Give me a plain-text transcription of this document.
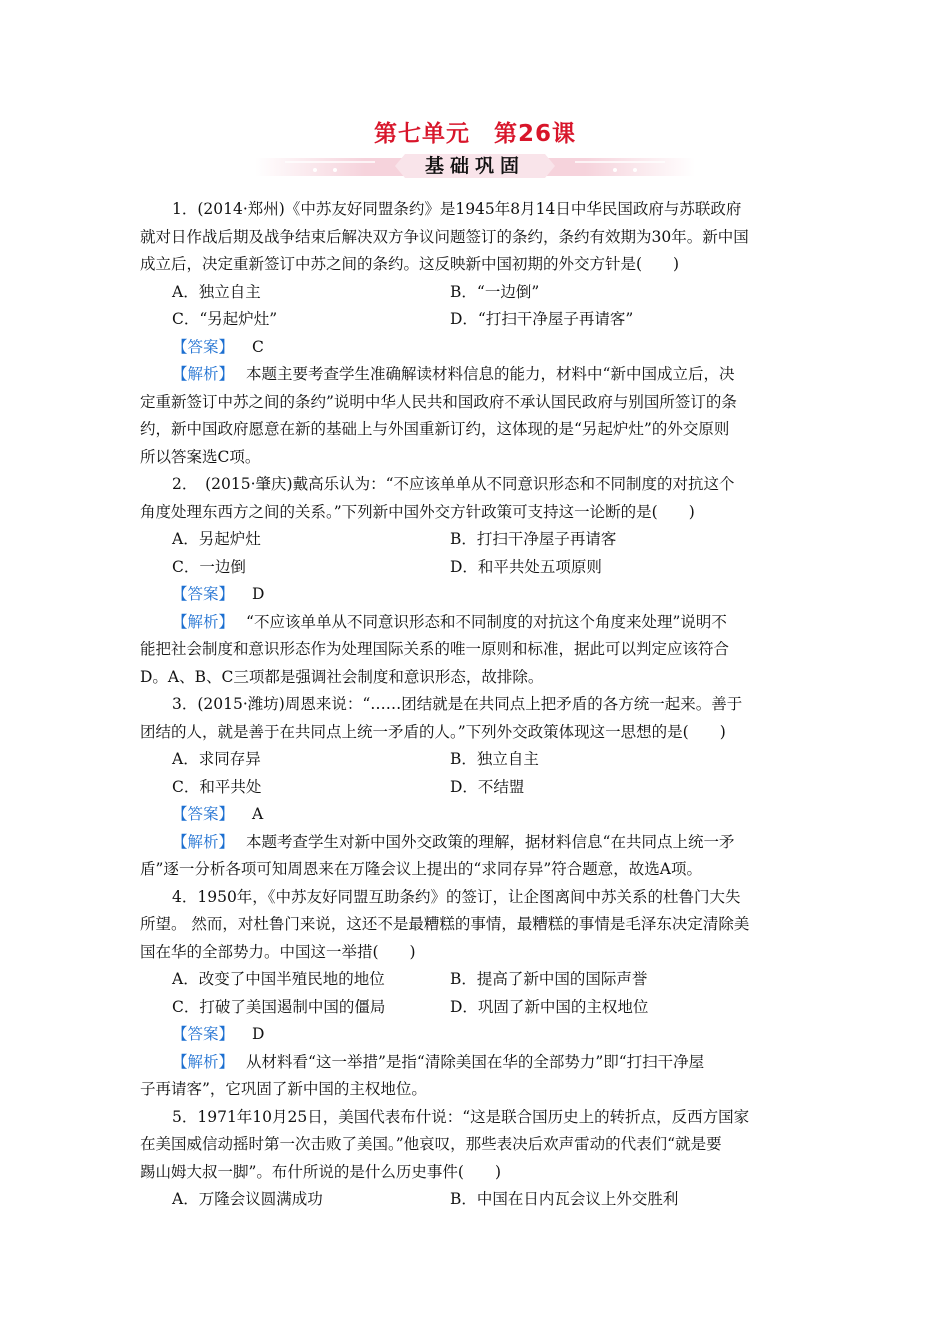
第七单元 第26课
基础巩固
1．(2014·郑州)《中苏友好同盟条约》是1945年8月14日中华民国政府与苏联政府
就对日作战后期及战争结束后解决双方争议问题签订的条约，条约有效期为30年。新中国
成立后，决定重新签订中苏之间的条约。这反映新中国初期的外交方针是(　　)
A．独立自主	B．“一边倒”
C．“另起炉灶”	D．“打扫干净屋子再请客”
【答案】 C
【解析】 本题主要考查学生准确解读材料信息的能力，材料中“新中国成立后，决
定重新签订中苏之间的条约”说明中华人民共和国政府不承认国民政府与别国所签订的条
约，新中国政府愿意在新的基础上与外国重新订约，这体现的是“另起炉灶”的外交原则
所以答案选C项。
2．　(2015·肇庆)戴高乐认为：“不应该单单从不同意识形态和不同制度的对抗这个
角度处理东西方之间的关系。”下列新中国外交方针政策可支持这一论断的是(　　)
A．另起炉灶	B．打扫干净屋子再请客
C．一边倒	D．和平共处五项原则
【答案】 D
【解析】 “不应该单单从不同意识形态和不同制度的对抗这个角度来处理”说明不
能把社会制度和意识形态作为处理国际关系的唯一原则和标准，据此可以判定应该符合
D。A、B、C三项都是强调社会制度和意识形态，故排除。
3．(2015·潍坊)周恩来说：“……团结就是在共同点上把矛盾的各方统一起来。善于
团结的人，就是善于在共同点上统一矛盾的人。”下列外交政策体现这一思想的是(　　)
A．求同存异	B．独立自主
C．和平共处	D．不结盟
【答案】 A
【解析】 本题考查学生对新中国外交政策的理解，据材料信息“在共同点上统一矛
盾”逐一分析各项可知周恩来在万隆会议上提出的“求同存异”符合题意，故选A项。
4．1950年，《中苏友好同盟互助条约》的签订，让企图离间中苏关系的杜鲁门大失
所望。 然而，对杜鲁门来说，这还不是最糟糕的事情，最糟糕的事情是毛泽东决定清除美
国在华的全部势力。中国这一举措(　　)
A．改变了中国半殖民地的地位	B．提高了新中国的国际声誉
C．打破了美国遏制中国的僵局	D．巩固了新中国的主权地位
【答案】 D
【解析】 从材料看“这一举措”是指“清除美国在华的全部势力”即“打扫干净屋
子再请客”，它巩固了新中国的主权地位。
5．1971年10月25日，美国代表布什说：“这是联合国历史上的转折点，反西方国家
在美国威信动摇时第一次击败了美国。”他哀叹，那些表决后欢声雷动的代表们“就是要
踢山姆大叔一脚”。布什所说的是什么历史事件(　　)
A．万隆会议圆满成功	B．中国在日内瓦会议上外交胜利
